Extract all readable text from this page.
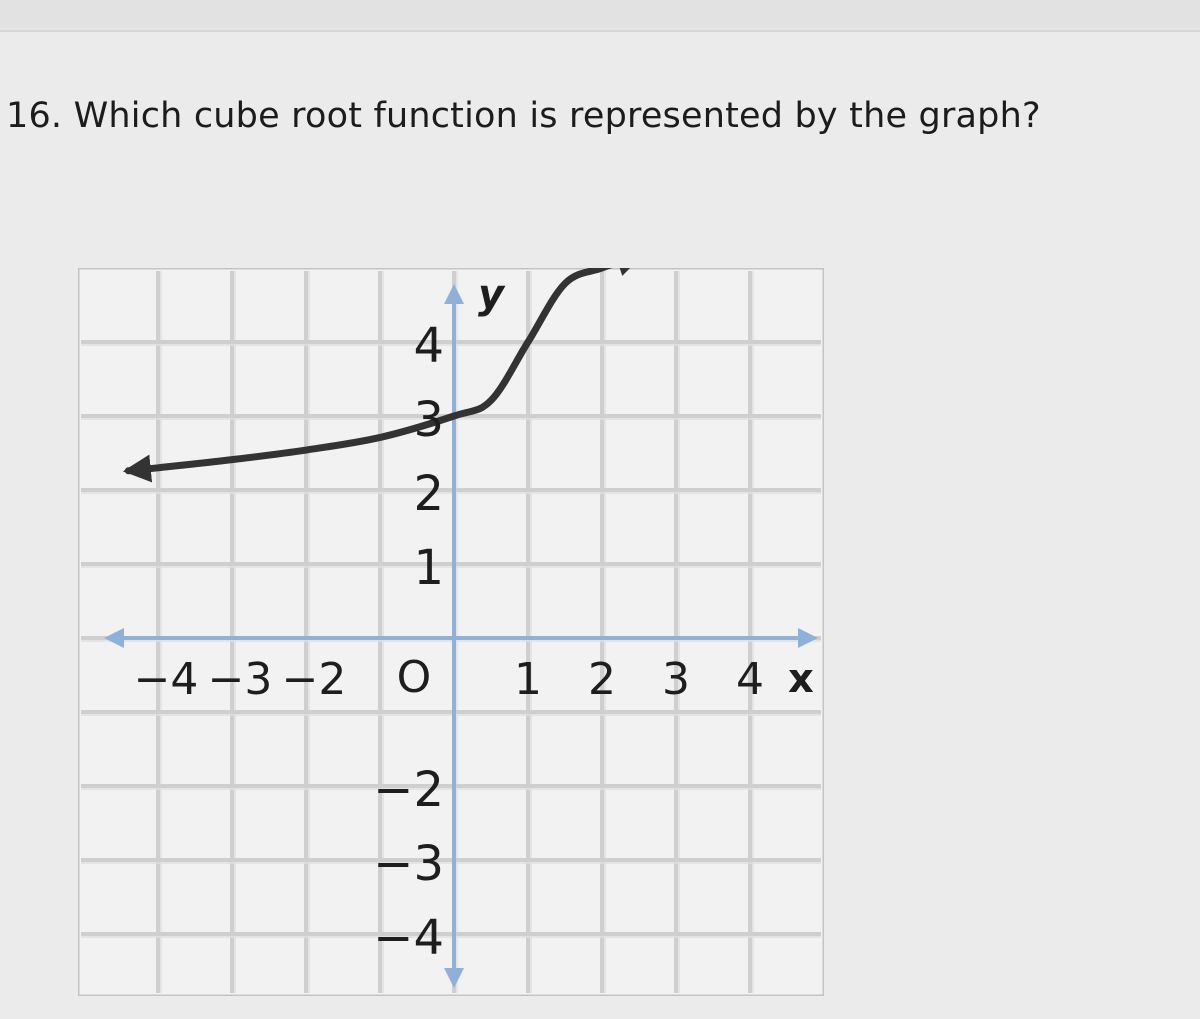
16. Which cube root function is represented by the graph?
O	x
y
−4 −3 −2	1 2 3 4
4
3
2
1
−2
−3
−4
